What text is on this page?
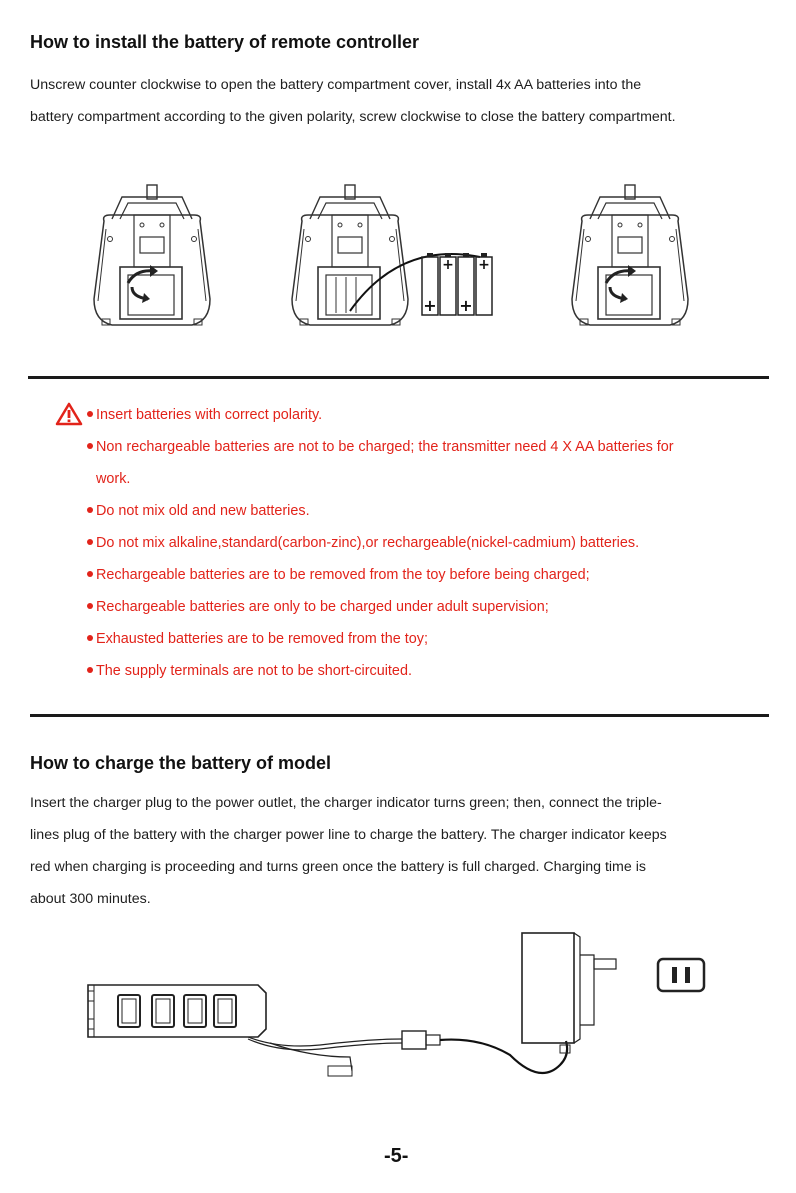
How to install the battery of remote controller
Unscrew counter clockwise to open the battery compartment cover, install 4x AA batteries into the
battery compartment according to the given polarity, screw clockwise to close the battery compartment.
+
+
+
+
Insert batteries with correct polarity.
Non rechargeable batteries are not to be charged; the transmitter need 4 X AA batteries for
work.
Do not mix old and new batteries.
Do not mix alkaline,standard(carbon-zinc),or rechargeable(nickel-cadmium) batteries.
Rechargeable batteries are to be removed from the toy before being charged;
Rechargeable batteries are only to be charged under adult supervision;
Exhausted batteries are to be removed from the toy;
The supply terminals are not to be short-circuited.
How to charge the battery of model
Insert the charger plug to the power outlet, the charger indicator turns green; then, connect the triple-
lines plug of the battery with the charger power line to charge the battery. The charger indicator keeps
red when charging is proceeding and turns green once the battery is full charged. Charging time is
about 300 minutes.
-5-
